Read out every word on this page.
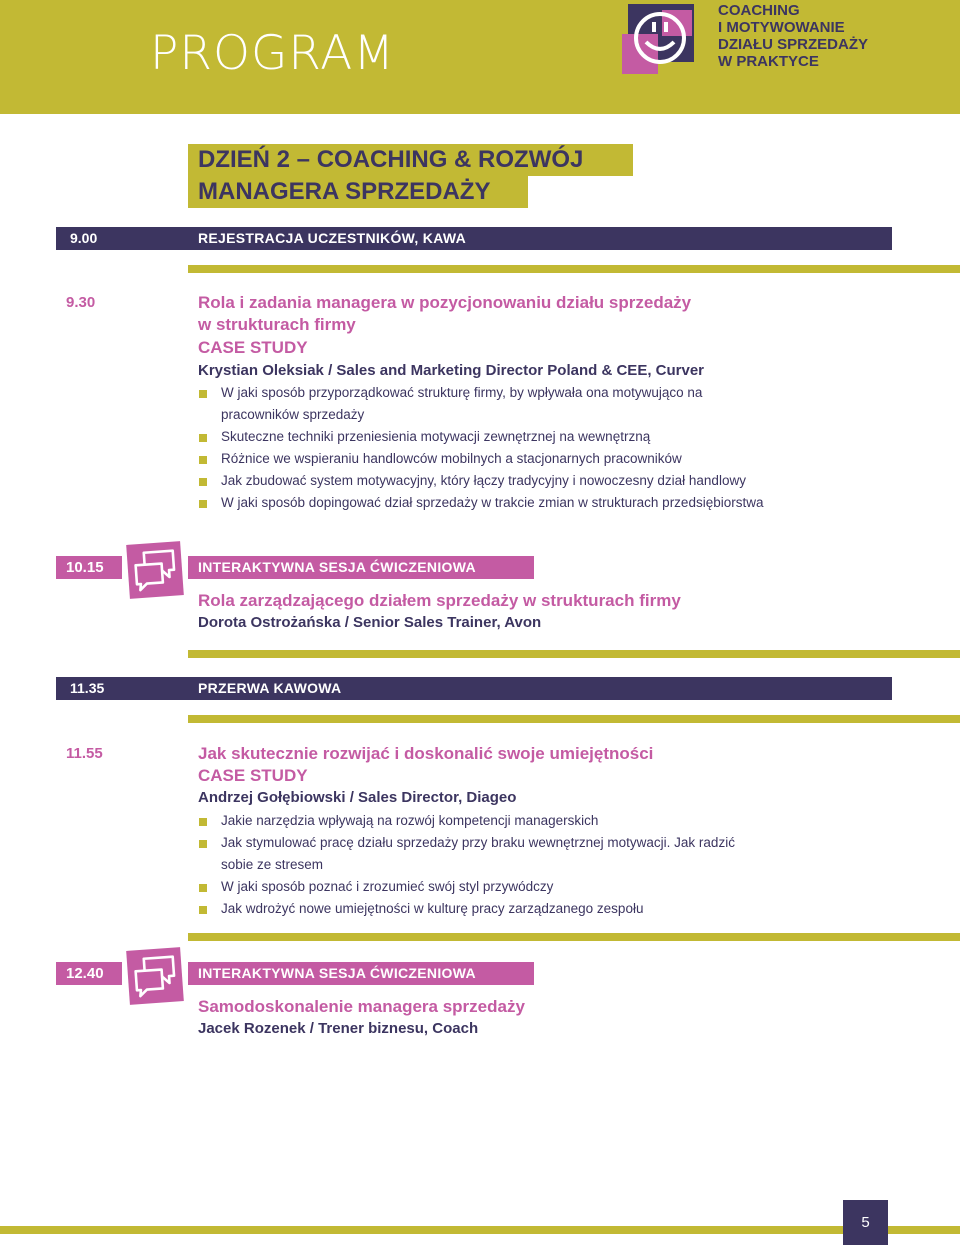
PROGRAM
COACHING
I MOTYWOWANIE
DZIAŁU SPRZEDAŻY
W PRAKTYCE
DZIEŃ 2 – COACHING & ROZWÓJ
MANAGERA SPRZEDAŻY
9.00	REJESTRACJA UCZESTNIKÓW, KAWA
9.30	Rola i zadania managera w pozycjonowaniu działu sprzedaży
w strukturach firmy
CASE STUDY
Krystian Oleksiak / Sales and Marketing Director Poland & CEE, Curver
W jaki sposób przyporządkować strukturę firmy, by wpływała ona motywująco na pracowników sprzedaży
Skuteczne techniki przeniesienia motywacji zewnętrznej na wewnętrzną
Różnice we wspieraniu handlowców mobilnych a stacjonarnych pracowników
Jak zbudować system motywacyjny, który łączy tradycyjny i nowoczesny dział handlowy
W jaki sposób dopingować dział sprzedaży w trakcie zmian w strukturach przedsiębiorstwa
10.15	INTERAKTYWNA SESJA ĆWICZENIOWA
Rola zarządzającego działem sprzedaży w strukturach firmy
Dorota Ostrożańska / Senior Sales Trainer, Avon
11.35	PRZERWA KAWOWA
11.55	Jak skutecznie rozwijać i doskonalić swoje umiejętności
CASE STUDY
Andrzej Gołębiowski / Sales Director, Diageo
Jakie narzędzia wpływają na rozwój kompetencji managerskich
Jak stymulować pracę działu sprzedaży przy braku wewnętrznej motywacji. Jak radzić sobie ze stresem
W jaki sposób poznać i zrozumieć swój styl przywódczy
Jak wdrożyć nowe umiejętności w kulturę pracy zarządzanego zespołu
12.40	INTERAKTYWNA SESJA ĆWICZENIOWA
Samodoskonalenie managera sprzedaży
Jacek Rozenek / Trener biznesu, Coach
5
